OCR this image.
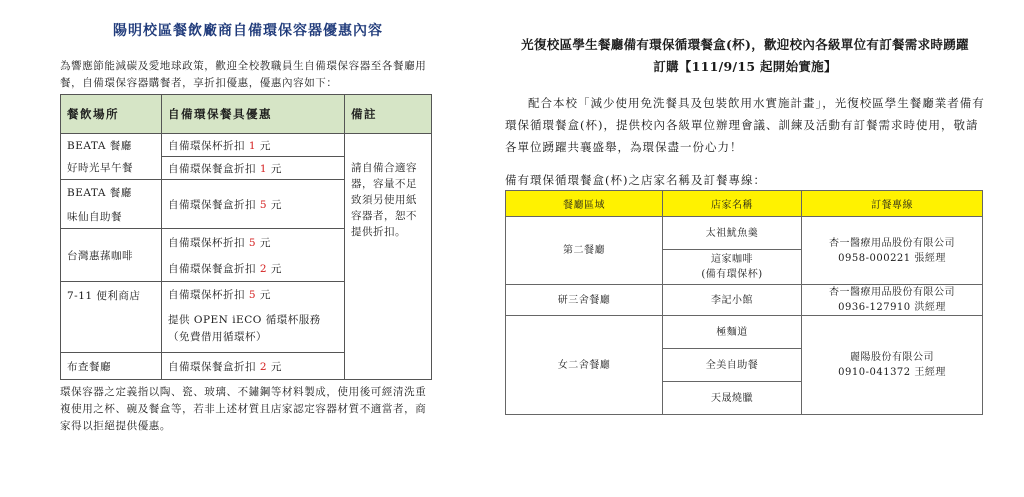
陽明校區餐飲廠商自備環保容器優惠內容

為響應節能減碳及愛地球政策，歡迎全校教職員生自備環保容器至各餐廳用餐，自備環保容器購餐者，享折扣優惠，優惠內容如下：

餐飲場所	自備環保餐具優惠	備註
BEATA 餐廳	自備環保杯折扣 1 元	請自備合適容器，容量不足致須另使用紙容器者，恕不提供折扣。
好時光早午餐	自備環保餐盒折扣 1 元	
BEATA 餐廳	自備環保餐盒折扣 5 元	
味仙自助餐		
台灣惠蓀咖啡	自備環保杯折扣 5 元	
	自備環保餐盒折扣 2 元	
7-11 便利商店	自備環保杯折扣 5 元	
	提供 OPEN iECO 循環杯服務（免費借用循環杯）	
布查餐廳	自備環保餐盒折扣 2 元	

環保容器之定義指以陶、瓷、玻璃、不鏽鋼等材料製成，使用後可經清洗重複使用之杯、碗及餐盒等，若非上述材質且店家認定容器材質不適當者，商家得以拒絕提供優惠。

光復校區學生餐廳備有環保循環餐盒(杯)，歡迎校內各級單位有訂餐需求時踴躍

訂購【111/9/15 起開始實施】

配合本校「減少使用免洗餐具及包裝飲用水實施計畫」，光復校區學生餐廳業者備有環保循環餐盒(杯)，提供校內各級單位辦理會議、訓練及活動有訂餐需求時使用，敬請各單位踴躍共襄盛舉，為環保盡一份心力！

備有環保循環餐盒(杯)之店家名稱及訂餐專線：

餐廳區域	店家名稱	訂餐專線
第二餐廳	太祖魷魚羹	杏一醫療用品股份有限公司
0958-000221 張經理

	這家咖啡
(備有環保杯)	
研三舍餐廳	李記小館	杏一醫療用品股份有限公司
0936-127910 洪經理

女二舍餐廳	極麵道	麗陽股份有限公司
0910-041372 王經理

	全美自助餐	
	天晟燒臘	
